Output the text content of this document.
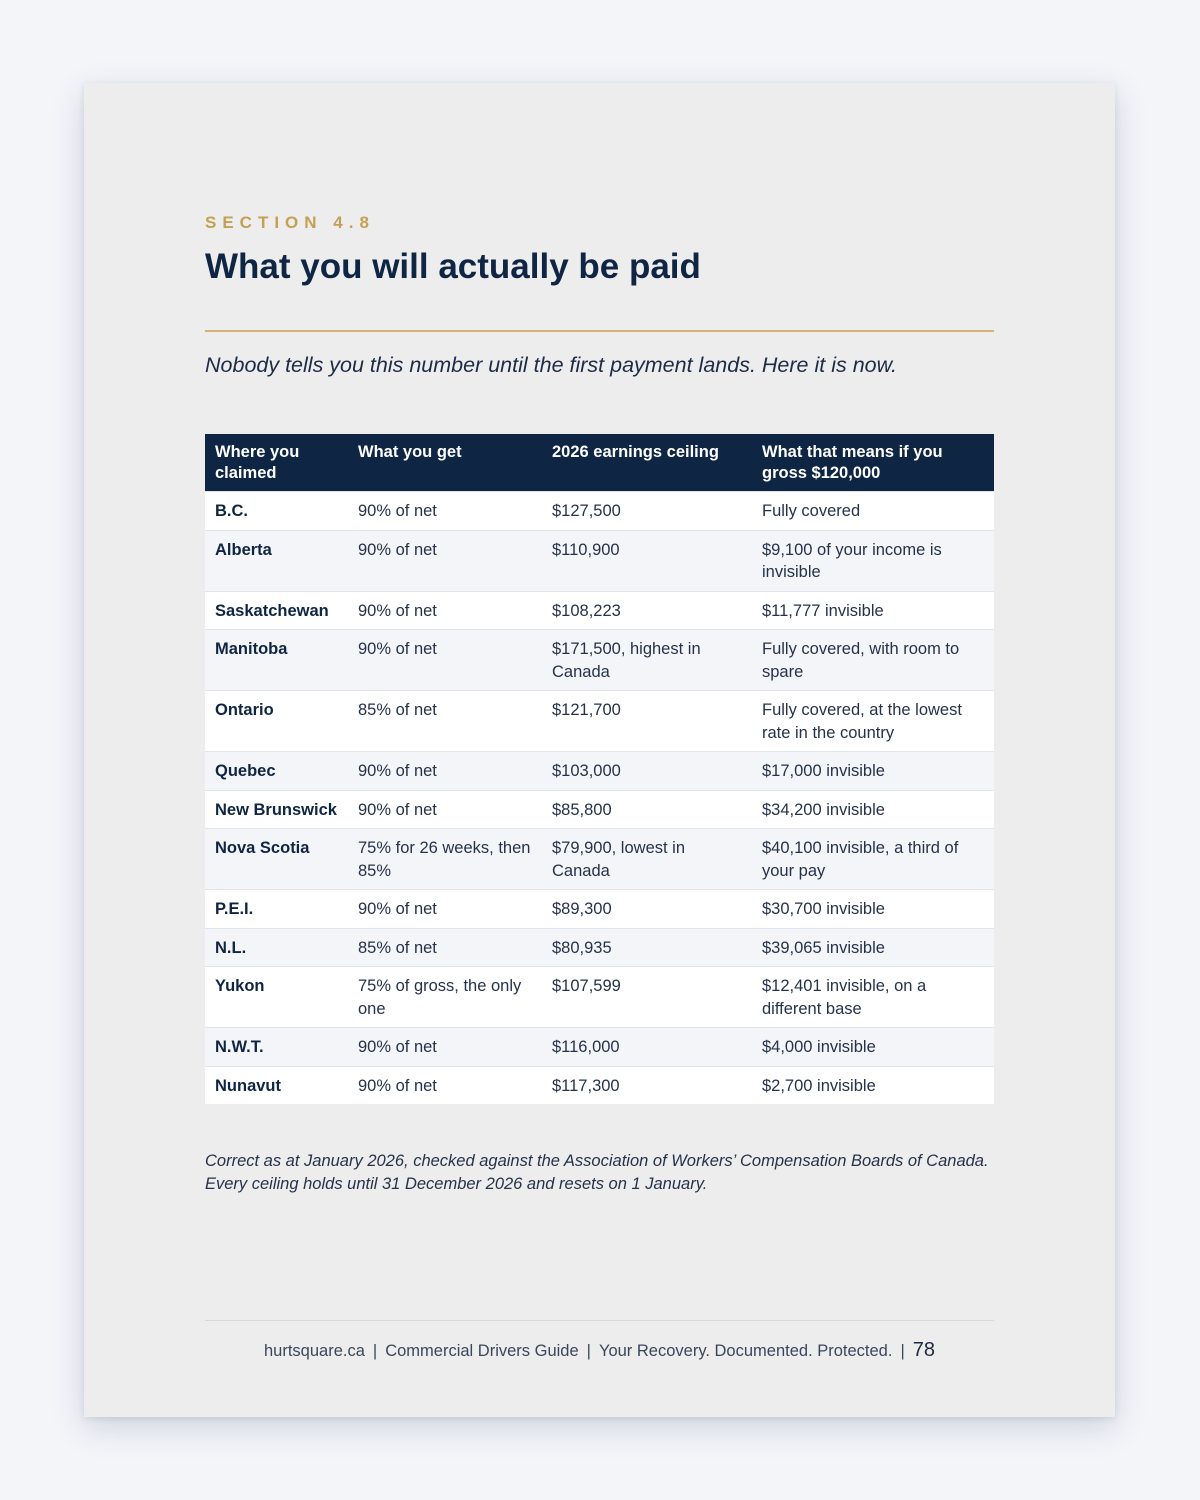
SECTION 4.8
What you will actually be paid

Nobody tells you this number until the first payment lands. Here it is now.

Where you claimed	What you get	2026 earnings ceiling	What that means if you gross $120,000
B.C.	90% of net	$127,500	Fully covered
Alberta	90% of net	$110,900	$9,100 of your income is invisible
Saskatchewan	90% of net	$108,223	$11,777 invisible
Manitoba	90% of net	$171,500, highest in Canada	Fully covered, with room to spare
Ontario	85% of net	$121,700	Fully covered, at the lowest rate in the country
Quebec	90% of net	$103,000	$17,000 invisible
New Brunswick	90% of net	$85,800	$34,200 invisible
Nova Scotia	75% for 26 weeks, then 85%	$79,900, lowest in Canada	$40,100 invisible, a third of your pay
P.E.I.	90% of net	$89,300	$30,700 invisible
N.L.	85% of net	$80,935	$39,065 invisible
Yukon	75% of gross, the only one	$107,599	$12,401 invisible, on a different base
N.W.T.	90% of net	$116,000	$4,000 invisible
Nunavut	90% of net	$117,300	$2,700 invisible

Correct as at January 2026, checked against the Association of Workers’ Compensation Boards of Canada. Every ceiling holds until 31 December 2026 and resets on 1 January.

hurtsquare.ca | Commercial Drivers Guide | Your Recovery. Documented. Protected. | 78
